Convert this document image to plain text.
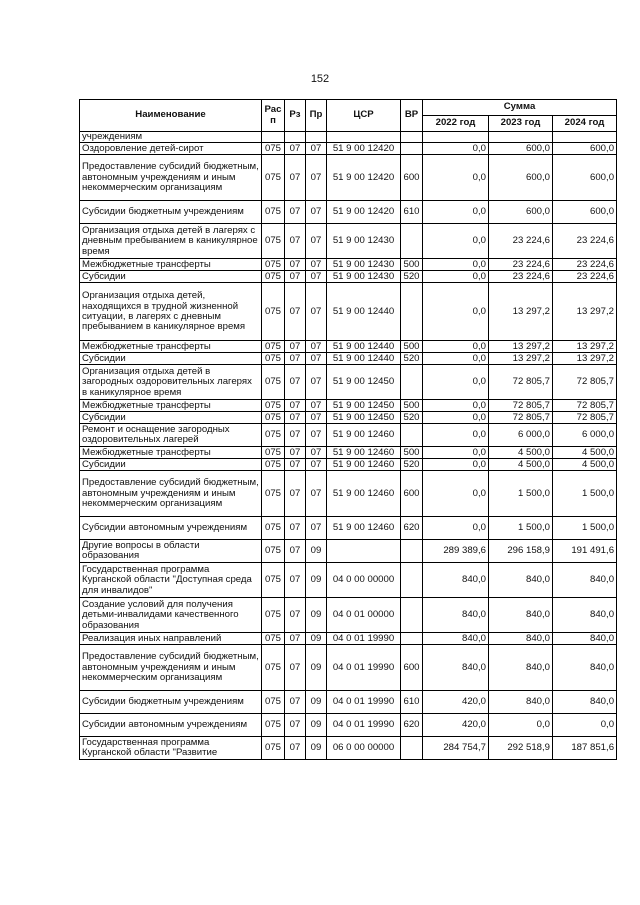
152
Наименование	Рас п	Рз	Пр	ЦСР	ВР	Сумма		
						2022 год	2023 год	2024 год
учреждениям								
Оздоровление детей-сирот	075	07	07	51 9 00 12420		0,0	600,0	600,0
Предоставление субсидий бюджетным, автономным учреждениям и иным некоммерческим организациям	075	07	07	51 9 00 12420	600	0,0	600,0	600,0
Субсидии бюджетным учреждениям	075	07	07	51 9 00 12420	610	0,0	600,0	600,0
Организация отдыха детей в лагерях с дневным пребыванием в каникулярное время	075	07	07	51 9 00 12430		0,0	23 224,6	23 224,6
Межбюджетные трансферты	075	07	07	51 9 00 12430	500	0,0	23 224,6	23 224,6
Субсидии	075	07	07	51 9 00 12430	520	0,0	23 224,6	23 224,6
Организация отдыха детей, находящихся в трудной жизненной ситуации, в лагерях с дневным пребыванием в каникулярное время	075	07	07	51 9 00 12440		0,0	13 297,2	13 297,2
Межбюджетные трансферты	075	07	07	51 9 00 12440	500	0,0	13 297,2	13 297,2
Субсидии	075	07	07	51 9 00 12440	520	0,0	13 297,2	13 297,2
Организация отдыха детей в загородных оздоровительных лагерях в каникулярное время	075	07	07	51 9 00 12450		0,0	72 805,7	72 805,7
Межбюджетные трансферты	075	07	07	51 9 00 12450	500	0,0	72 805,7	72 805,7
Субсидии	075	07	07	51 9 00 12450	520	0,0	72 805,7	72 805,7
Ремонт и оснащение загородных оздоровительных лагерей	075	07	07	51 9 00 12460		0,0	6 000,0	6 000,0
Межбюджетные трансферты	075	07	07	51 9 00 12460	500	0,0	4 500,0	4 500,0
Субсидии	075	07	07	51 9 00 12460	520	0,0	4 500,0	4 500,0
Предоставление субсидий бюджетным, автономным учреждениям и иным некоммерческим организациям	075	07	07	51 9 00 12460	600	0,0	1 500,0	1 500,0
Субсидии автономным учреждениям	075	07	07	51 9 00 12460	620	0,0	1 500,0	1 500,0
Другие вопросы в области образования	075	07	09			289 389,6	296 158,9	191 491,6
Государственная программа Курганской области "Доступная среда для инвалидов"	075	07	09	04 0 00 00000		840,0	840,0	840,0
Создание условий для получения детьми-инвалидами качественного образования	075	07	09	04 0 01 00000		840,0	840,0	840,0
Реализация иных направлений	075	07	09	04 0 01 19990		840,0	840,0	840,0
Предоставление субсидий бюджетным, автономным учреждениям и иным некоммерческим организациям	075	07	09	04 0 01 19990	600	840,0	840,0	840,0
Субсидии бюджетным учреждениям	075	07	09	04 0 01 19990	610	420,0	840,0	840,0
Субсидии автономным учреждениям	075	07	09	04 0 01 19990	620	420,0	0,0	0,0
Государственная программа Курганской области "Развитие	075	07	09	06 0 00 00000		284 754,7	292 518,9	187 851,6
